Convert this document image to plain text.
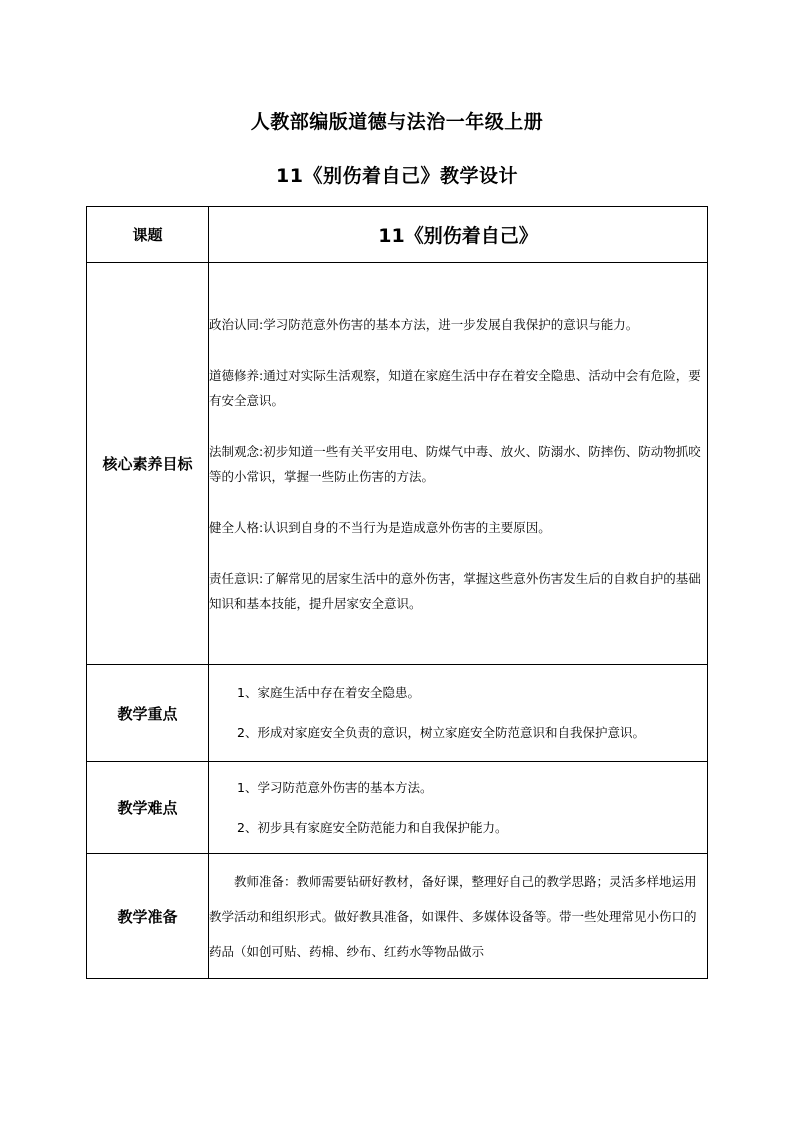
人教部编版道德与法治一年级上册
11《别伤着自己》教学设计
课题	11《别伤着自己》
核心素养目标	政治认同:学习防范意外伤害的基本方法，进一步发展自我保护的意识与能力。

道德修养:通过对实际生活观察，知道在家庭生活中存在着安全隐患、活动中会有危险，要有安全意识。

法制观念:初步知道一些有关平安用电、防煤气中毒、放火、防溺水、防摔伤、防动物抓咬等的小常识，掌握一些防止伤害的方法。

健全人格:认识到自身的不当行为是造成意外伤害的主要原因。

责任意识:了解常见的居家生活中的意外伤害，掌握这些意外伤害发生后的自救自护的基础知识和基本技能，提升居家安全意识。

教学重点	1、家庭生活中存在着安全隐患。

2、形成对家庭安全负责的意识，树立家庭安全防范意识和自我保护意识。

教学难点	1、学习防范意外伤害的基本方法。

2、初步具有家庭安全防范能力和自我保护能力。

教学准备	教师准备：教师需要钻研好教材，备好课，整理好自己的教学思路；灵活多样地运用教学活动和组织形式。做好教具准备，如课件、多媒体设备等。带一些处理常见小伤口的药品（如创可贴、药棉、纱布、红药水等物品做示
